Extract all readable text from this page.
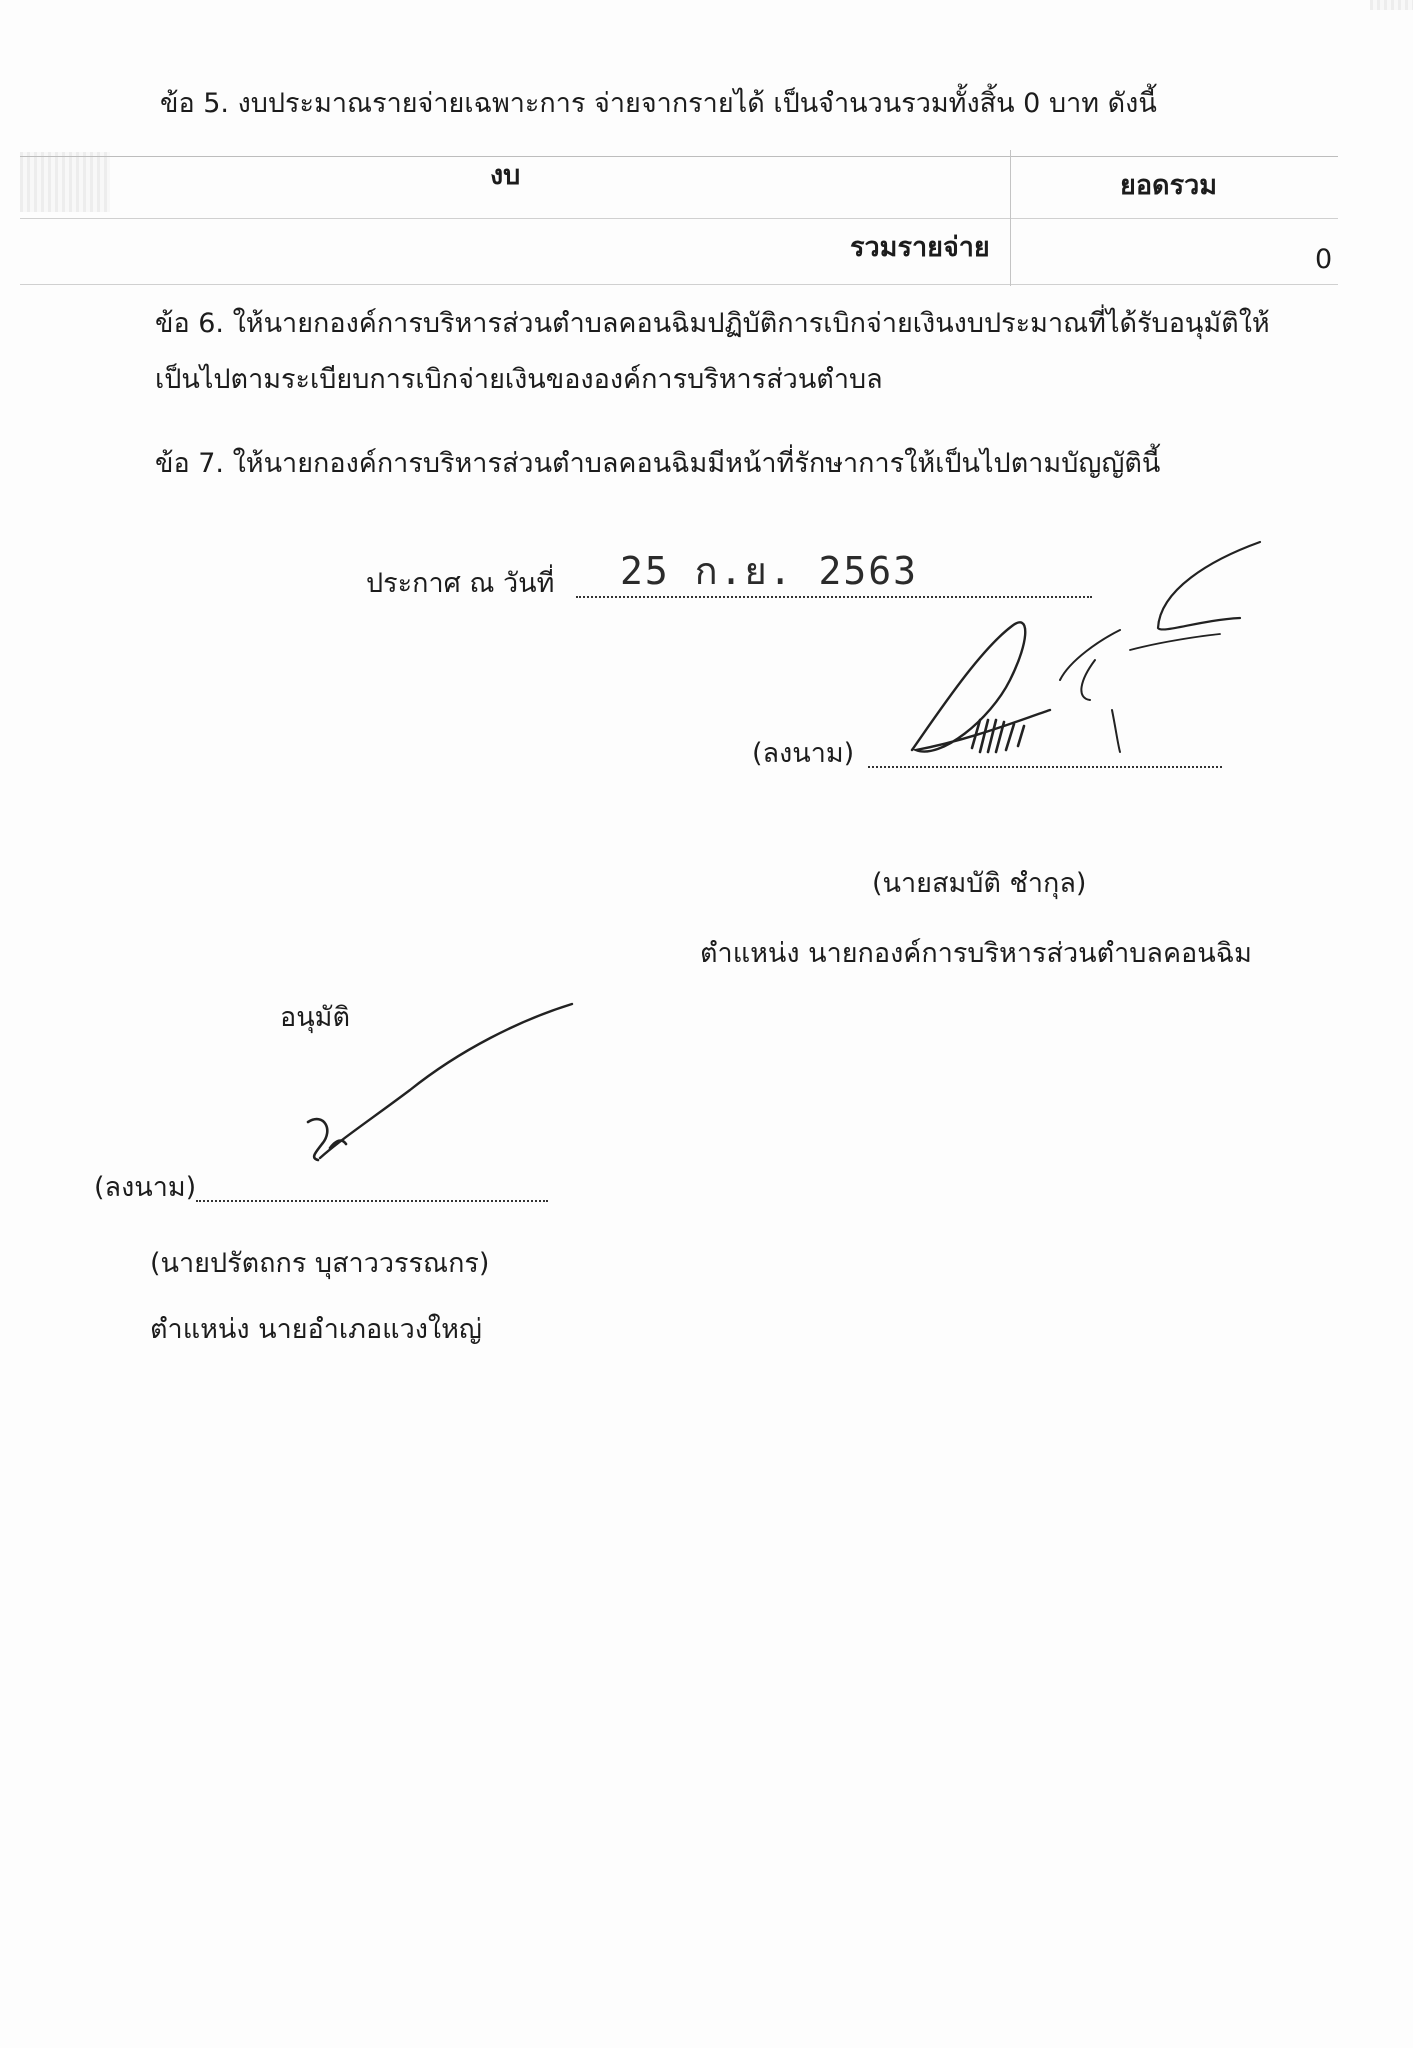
ข้อ 5. งบประมาณรายจ่ายเฉพาะการ จ่ายจากรายได้ เป็นจำนวนรวมทั้งสิ้น 0 บาท ดังนี้
งบ	ยอดรวม
รวมรายจ่าย	0
ข้อ 6. ให้นายกองค์การบริหารส่วนตำบลคอนฉิมปฏิบัติการเบิกจ่ายเงินงบประมาณที่ได้รับอนุมัติให้
เป็นไปตามระเบียบการเบิกจ่ายเงินขององค์การบริหารส่วนตำบล
ข้อ 7. ให้นายกองค์การบริหารส่วนตำบลคอนฉิมมีหน้าที่รักษาการให้เป็นไปตามบัญญัตินี้
ประกาศ ณ วันที่ 25 ก.ย. 2563
(ลงนาม)
(นายสมบัติ ชำกุล)
ตำแหน่ง นายกองค์การบริหารส่วนตำบลคอนฉิม
อนุมัติ
(ลงนาม)
(นายปรัตถกร บุสาววรรณกร)
ตำแหน่ง นายอำเภอแวงใหญ่
